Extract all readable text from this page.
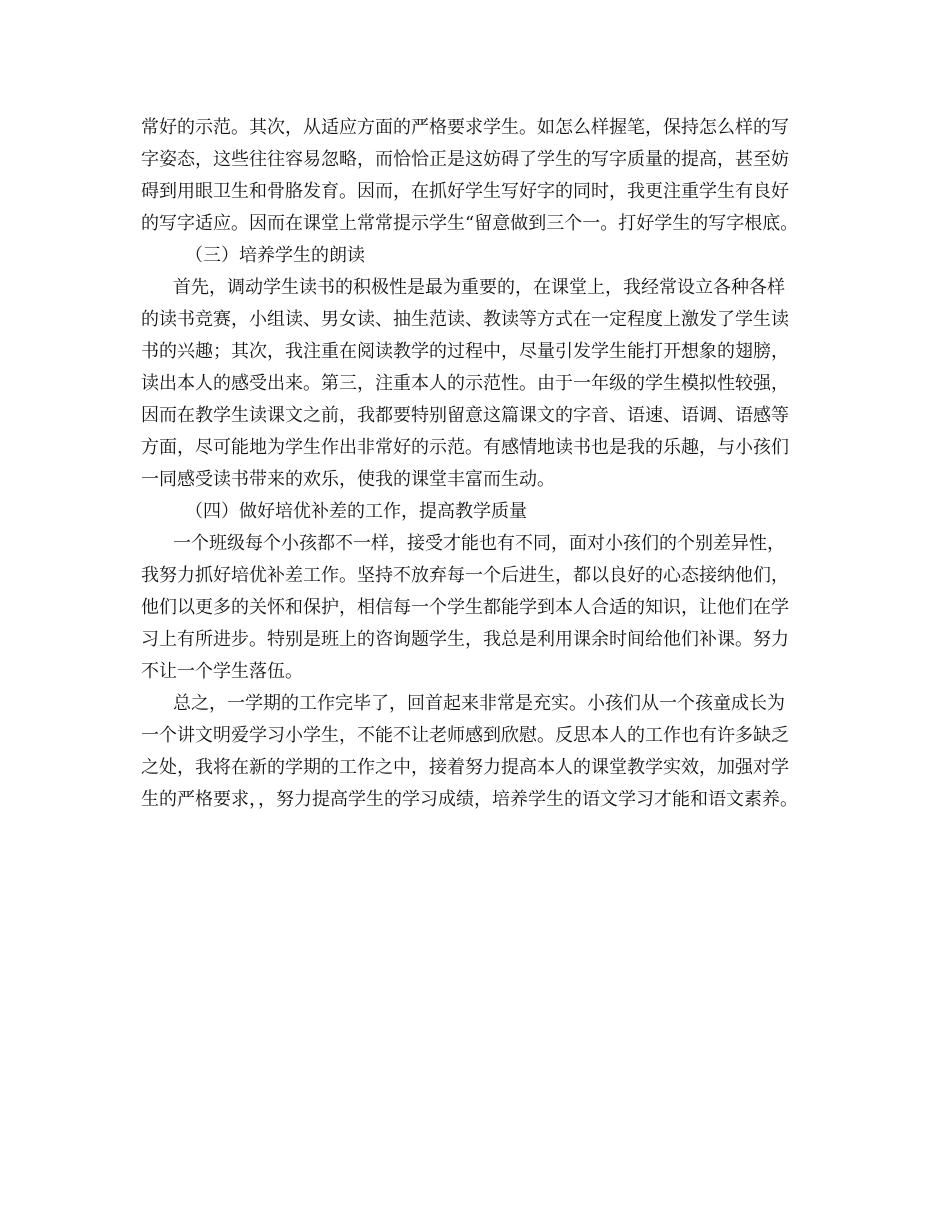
常好的示范。其次，从适应方面的严格要求学生。如怎么样握笔，保持怎么样的写
字姿态，这些往往容易忽略，而恰恰正是这妨碍了学生的写字质量的提高，甚至妨
碍到用眼卫生和骨胳发育。因而，在抓好学生写好字的同时，我更注重学生有良好
的写字适应。因而在课堂上常常提示学生“留意做到三个一。打好学生的写字根底。
（三）培养学生的朗读
首先，调动学生读书的积极性是最为重要的，在课堂上，我经常设立各种各样
的读书竞赛，小组读、男女读、抽生范读、教读等方式在一定程度上激发了学生读
书的兴趣；其次，我注重在阅读教学的过程中，尽量引发学生能打开想象的翅膀，
读出本人的感受出来。第三，注重本人的示范性。由于一年级的学生模拟性较强，
因而在教学生读课文之前，我都要特别留意这篇课文的字音、语速、语调、语感等
方面，尽可能地为学生作出非常好的示范。有感情地读书也是我的乐趣，与小孩们
一同感受读书带来的欢乐，使我的课堂丰富而生动。
（四）做好培优补差的工作，提高教学质量
一个班级每个小孩都不一样，接受才能也有不同，面对小孩们的个别差异性，
我努力抓好培优补差工作。坚持不放弃每一个后进生，都以良好的心态接纳他们，
他们以更多的关怀和保护，相信每一个学生都能学到本人合适的知识，让他们在学
习上有所进步。特别是班上的咨询题学生，我总是利用课余时间给他们补课。努力
不让一个学生落伍。
总之，一学期的工作完毕了，回首起来非常是充实。小孩们从一个孩童成长为
一个讲文明爱学习小学生，不能不让老师感到欣慰。反思本人的工作也有许多缺乏
之处，我将在新的学期的工作之中，接着努力提高本人的课堂教学实效，加强对学
生的严格要求，，努力提高学生的学习成绩，培养学生的语文学习才能和语文素养。
